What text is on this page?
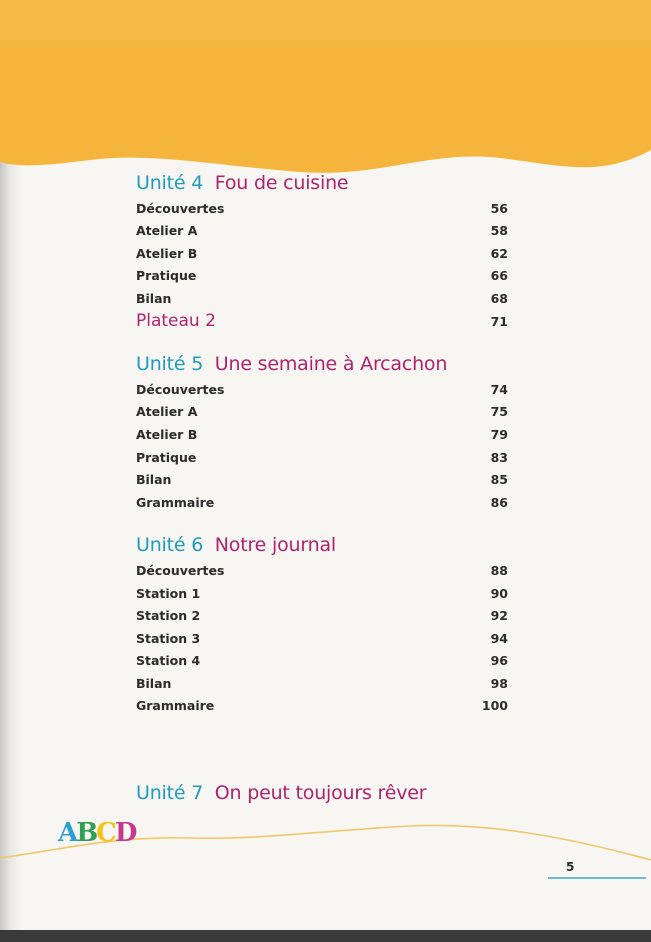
Unité 4 Fou de cuisine
Découvertes	56
Atelier A	58
Atelier B	62
Pratique	66
Bilan	68
Plateau 2	71
Unité 5 Une semaine à Arcachon
Découvertes	74
Atelier A	75
Atelier B	79
Pratique	83
Bilan	85
Grammaire	86
Unité 6 Notre journal
Découvertes	88
Station 1	90
Station 2	92
Station 3	94
Station 4	96
Bilan	98
Grammaire	100
Unité 7 On peut toujours rêver
ABCD
5
